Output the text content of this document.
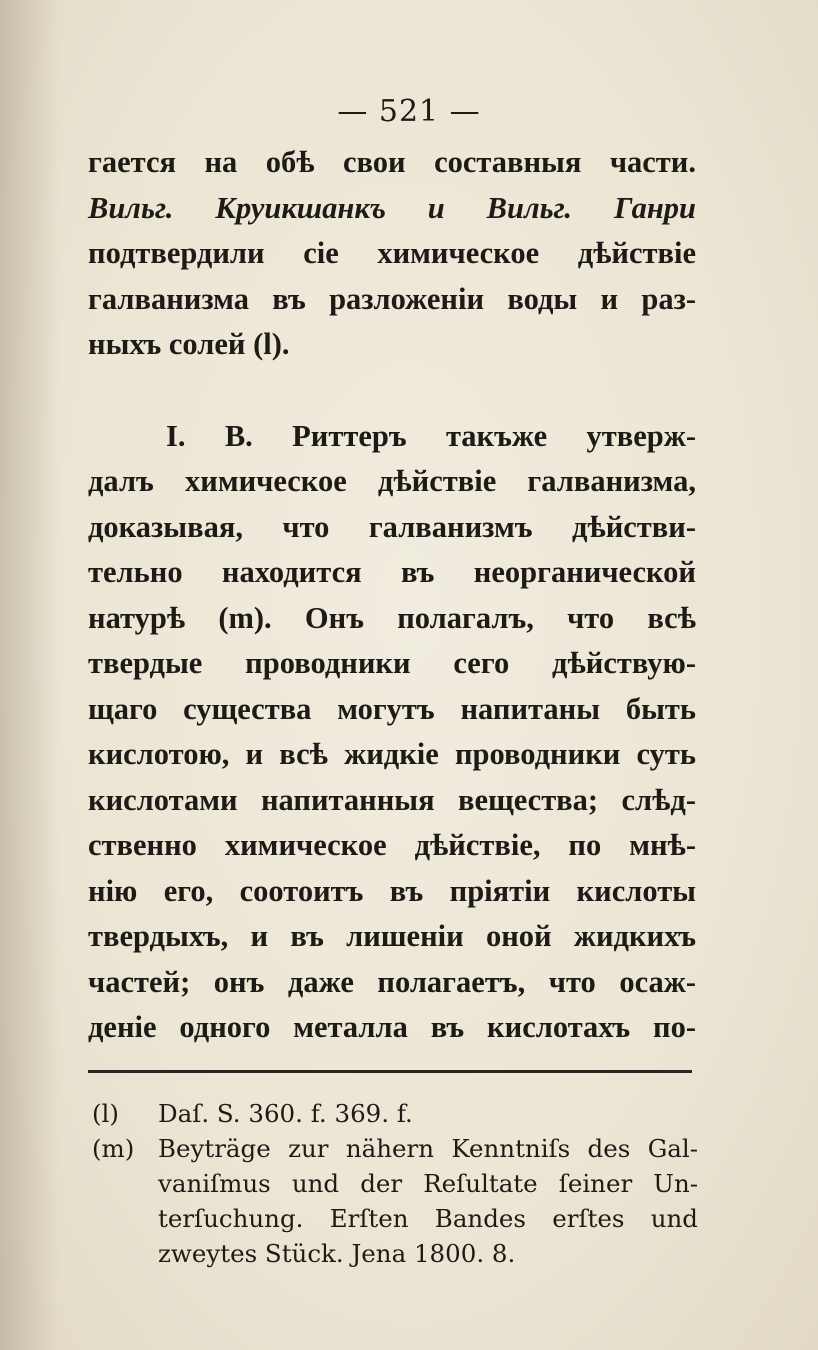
— 521 —
гается на обѣ свои составныя части.
Вильг. Круикшанкъ и Вильг. Ганри
подтвердили сіе химическое дѣйствіе
галванизма въ разложеніи воды и раз-
ныхъ солей (l).
I. B. Риттеръ такъже утверж-
далъ химическое дѣйствіе галванизма,
доказывая, что галванизмъ дѣйстви-
тельно находится въ неорганической
натурѣ (m). Онъ полагалъ, что всѣ
твердые проводники сего дѣйствую-
щаго существа могутъ напитаны быть
кислотою, и всѣ жидкіе проводники суть
кислотами напитанныя вещества; слѣд-
ственно химическое дѣйствіе, по мнѣ-
нію его, соотоитъ въ пріятіи кислоты
твердыхъ, и въ лишеніи оной жидкихъ
частей; онъ даже полагаетъ, что осаж-
деніе одного металла въ кислотахъ по-
(l)	Daſ. S. 360. f. 369. f.
(m) Beyträge zur nähern Kenntniſs des Gal-
vaniſmus und der Reſultate ſeiner Un-
terſuchung. Erſten Bandes erſtes und
zweytes Stück. Jena 1800. 8.
